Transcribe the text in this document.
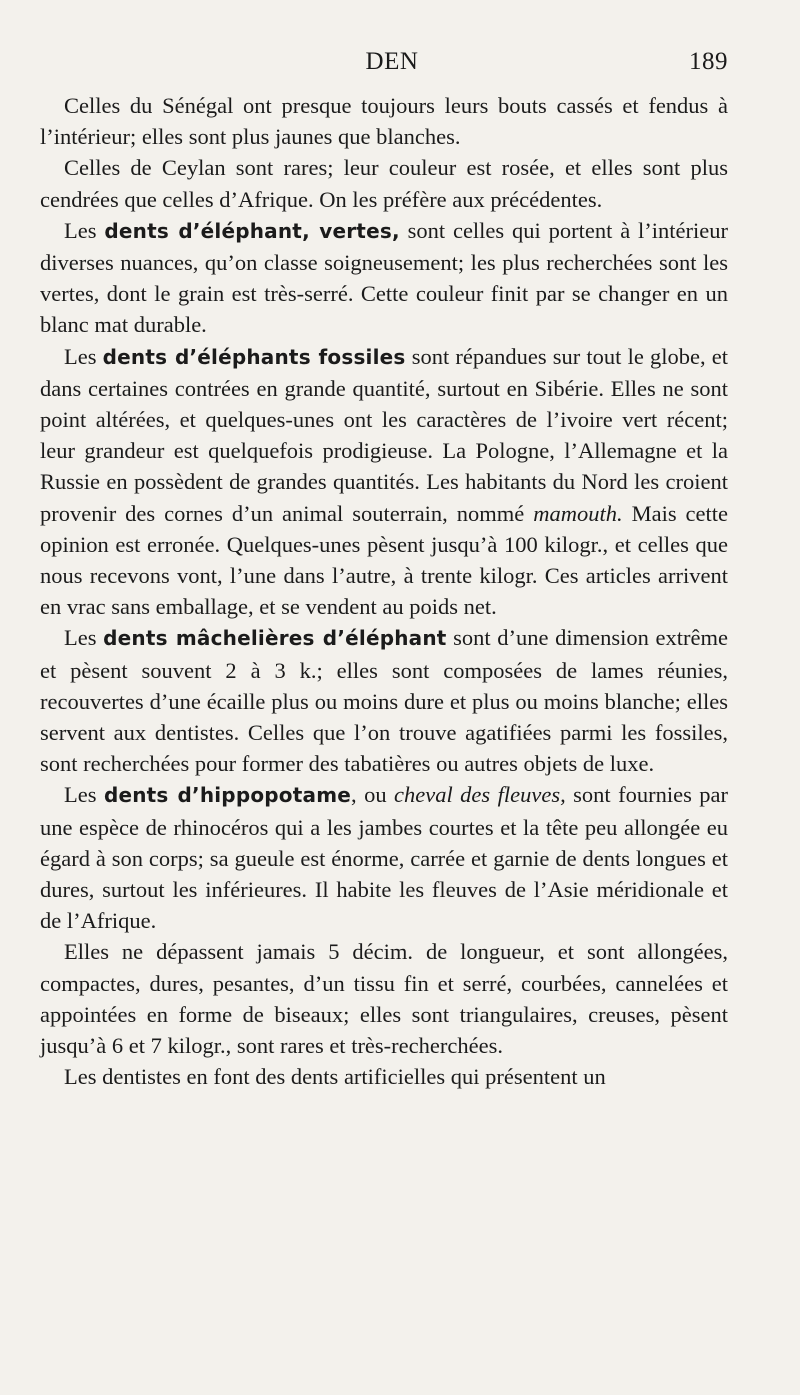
DEN	189

Celles du Sénégal ont presque toujours leurs bouts cassés et fendus à l’intérieur; elles sont plus jaunes que blanches.

Celles de Ceylan sont rares; leur couleur est rosée, et elles sont plus cendrées que celles d’Afrique. On les préfère aux précédentes.

Les dents d’éléphant, vertes, sont celles qui portent à l’intérieur diverses nuances, qu’on classe soigneusement; les plus recherchées sont les vertes, dont le grain est très-serré. Cette couleur finit par se changer en un blanc mat durable.

Les dents d’éléphants fossiles sont répandues sur tout le globe, et dans certaines contrées en grande quantité, surtout en Sibérie. Elles ne sont point altérées, et quelques-unes ont les caractères de l’ivoire vert récent; leur grandeur est quelquefois prodigieuse. La Pologne, l’Allemagne et la Russie en possèdent de grandes quantités. Les habitants du Nord les croient provenir des cornes d’un animal souterrain, nommé mamouth. Mais cette opinion est erronée. Quelques-unes pèsent jusqu’à 100 kilogr., et celles que nous recevons vont, l’une dans l’autre, à trente kilogr. Ces articles arrivent en vrac sans emballage, et se vendent au poids net.

Les dents mâchelières d’éléphant sont d’une dimension extrême et pèsent souvent 2 à 3 k.; elles sont composées de lames réunies, recouvertes d’une écaille plus ou moins dure et plus ou moins blanche; elles servent aux dentistes. Celles que l’on trouve agatifiées parmi les fossiles, sont recherchées pour former des tabatières ou autres objets de luxe.

Les dents d’hippopotame, ou cheval des fleuves, sont fournies par une espèce de rhinocéros qui a les jambes courtes et la tête peu allongée eu égard à son corps; sa gueule est énorme, carrée et garnie de dents longues et dures, surtout les inférieures. Il habite les fleuves de l’Asie méridionale et de l’Afrique.

Elles ne dépassent jamais 5 décim. de longueur, et sont allongées, compactes, dures, pesantes, d’un tissu fin et serré, courbées, cannelées et appointées en forme de biseaux; elles sont triangulaires, creuses, pèsent jusqu’à 6 et 7 kilogr., sont rares et très-recherchées.

Les dentistes en font des dents artificielles qui présentent un
